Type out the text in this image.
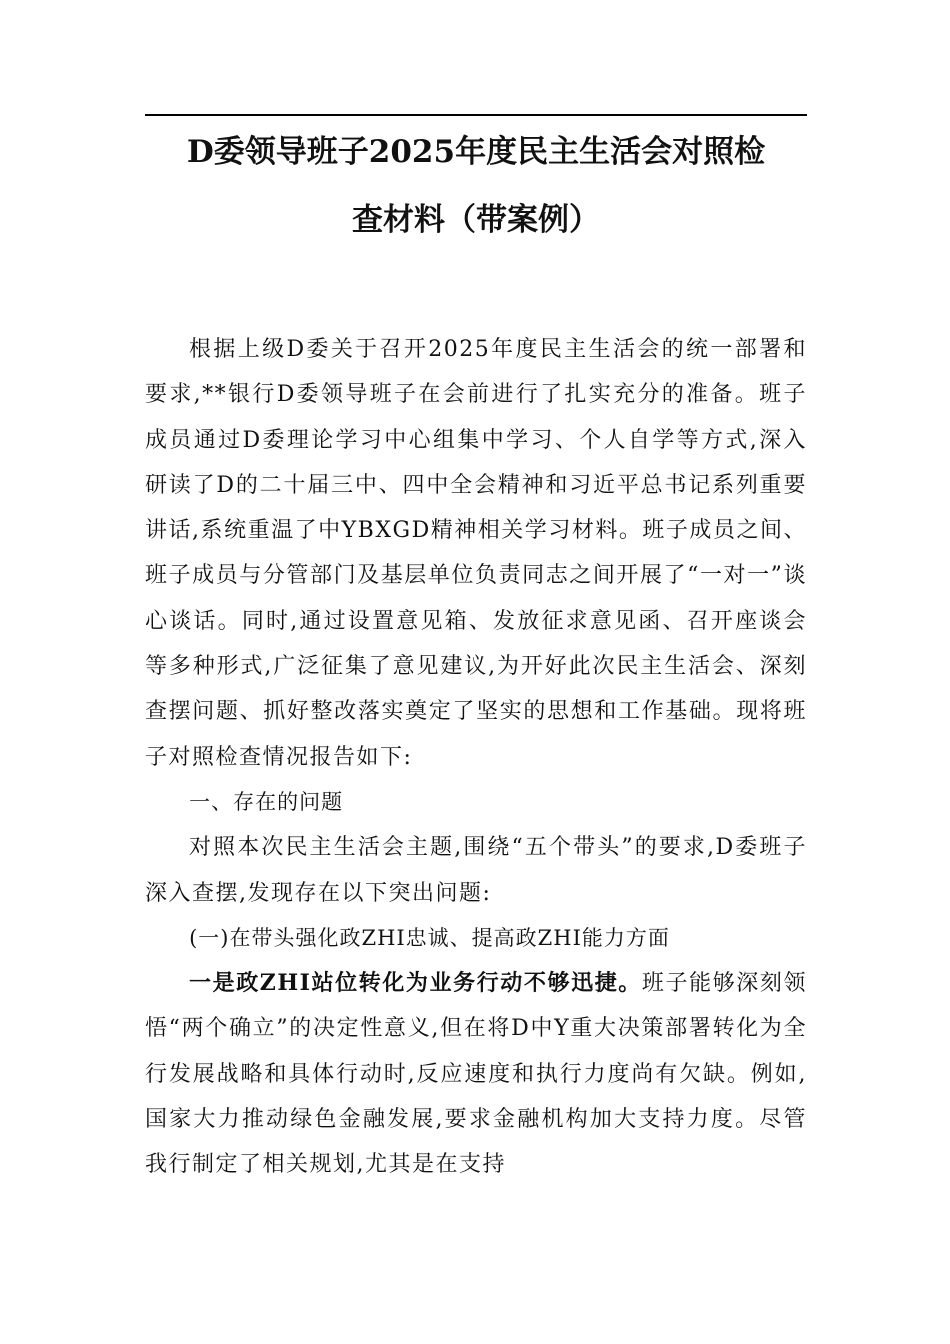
D委领导班子2025年度民主生活会对照检
查材料（带案例）

根据上级D委关于召开2025年度民主生活会的统一部署和要求,**银行D委领导班子在会前进行了扎实充分的准备。班子成员通过D委理论学习中心组集中学习、个人自学等方式,深入研读了D的二十届三中、四中全会精神和习近平总书记系列重要讲话,系统重温了中YBXGD精神相关学习材料。班子成员之间、班子成员与分管部门及基层单位负责同志之间开展了“一对一”谈心谈话。同时,通过设置意见箱、发放征求意见函、召开座谈会等多种形式,广泛征集了意见建议,为开好此次民主生活会、深刻查摆问题、抓好整改落实奠定了坚实的思想和工作基础。现将班子对照检查情况报告如下:

一、存在的问题

对照本次民主生活会主题,围绕“五个带头”的要求,D委班子深入查摆,发现存在以下突出问题:

(一)在带头强化政ZHI忠诚、提高政ZHI能力方面

一是政ZHI站位转化为业务行动不够迅捷。班子能够深刻领悟“两个确立”的决定性意义,但在将D中Y重大决策部署转化为全行发展战略和具体行动时,反应速度和执行力度尚有欠缺。例如,国家大力推动绿色金融发展,要求金融机构加大支持力度。尽管我行制定了相关规划,尤其是在支持
